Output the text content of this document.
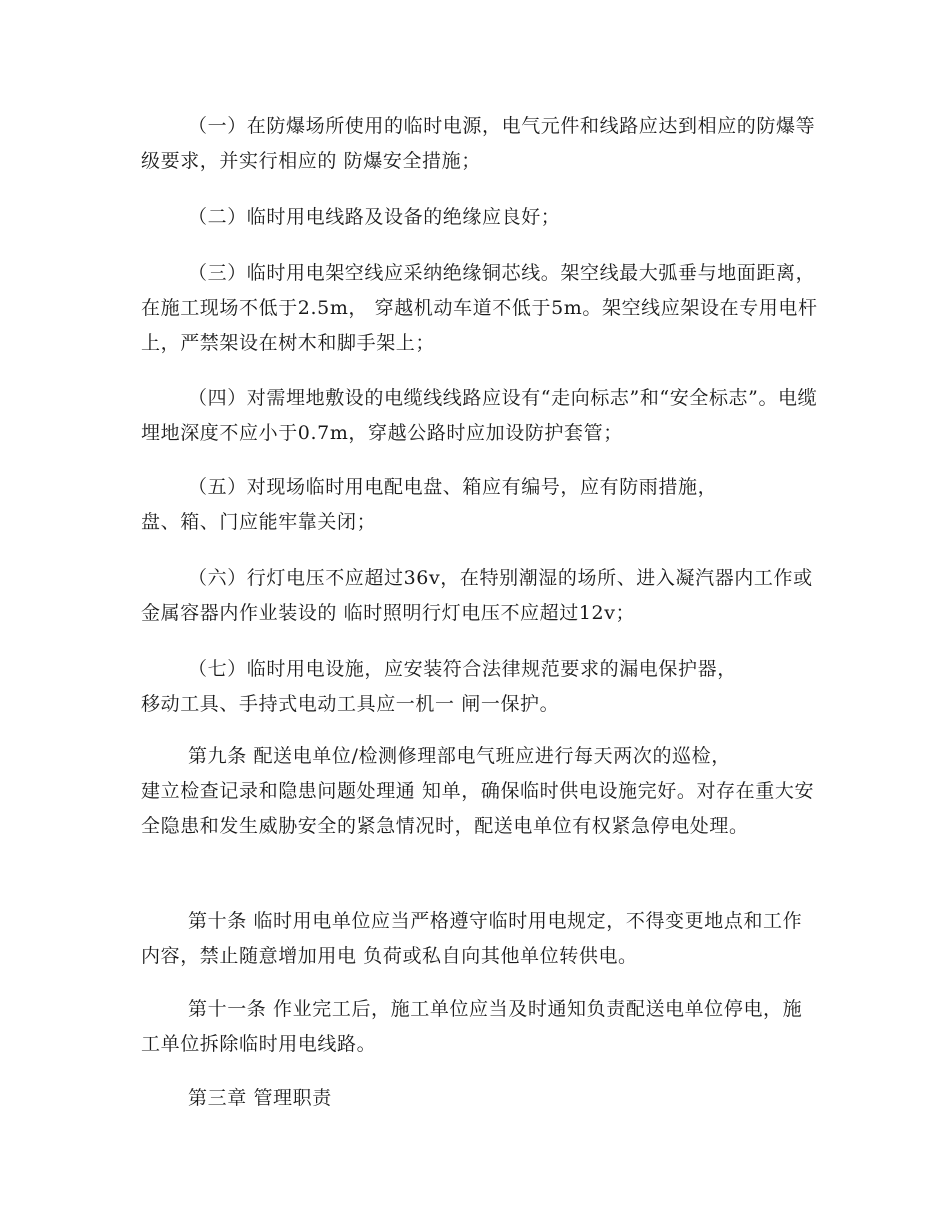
（一）在防爆场所使用的临时电源，电气元件和线路应达到相应的防爆等级要求，并实行相应的 防爆安全措施；

（二）临时用电线路及设备的绝缘应良好；

（三）临时用电架空线应采纳绝缘铜芯线。架空线最大弧垂与地面距离，在施工现场不低于2.5m， 穿越机动车道不低于5m。架空线应架设在专用电杆上，严禁架设在树木和脚手架上；

（四）对需埋地敷设的电缆线线路应设有“走向标志”和“安全标志”。电缆埋地深度不应小于0.7m，穿越公路时应加设防护套管；

（五）对现场临时用电配电盘、箱应有编号，应有防雨措施，
盘、箱、门应能牢靠关闭；

（六）行灯电压不应超过36v，在特别潮湿的场所、进入凝汽器内工作或金属容器内作业装设的 临时照明行灯电压不应超过12v；

（七）临时用电设施，应安装符合法律规范要求的漏电保护器，
移动工具、手持式电动工具应一机一 闸一保护。

第九条 配送电单位/检测修理部电气班应进行每天两次的巡检，
建立检查记录和隐患问题处理通 知单，确保临时供电设施完好。对存在重大安全隐患和发生威胁安全的紧急情况时，配送电单位有权紧急停电处理。

第十条 临时用电单位应当严格遵守临时用电规定，不得变更地点和工作内容，禁止随意增加用电 负荷或私自向其他单位转供电。

第十一条 作业完工后，施工单位应当及时通知负责配送电单位停电，施工单位拆除临时用电线路。

第三章 管理职责
